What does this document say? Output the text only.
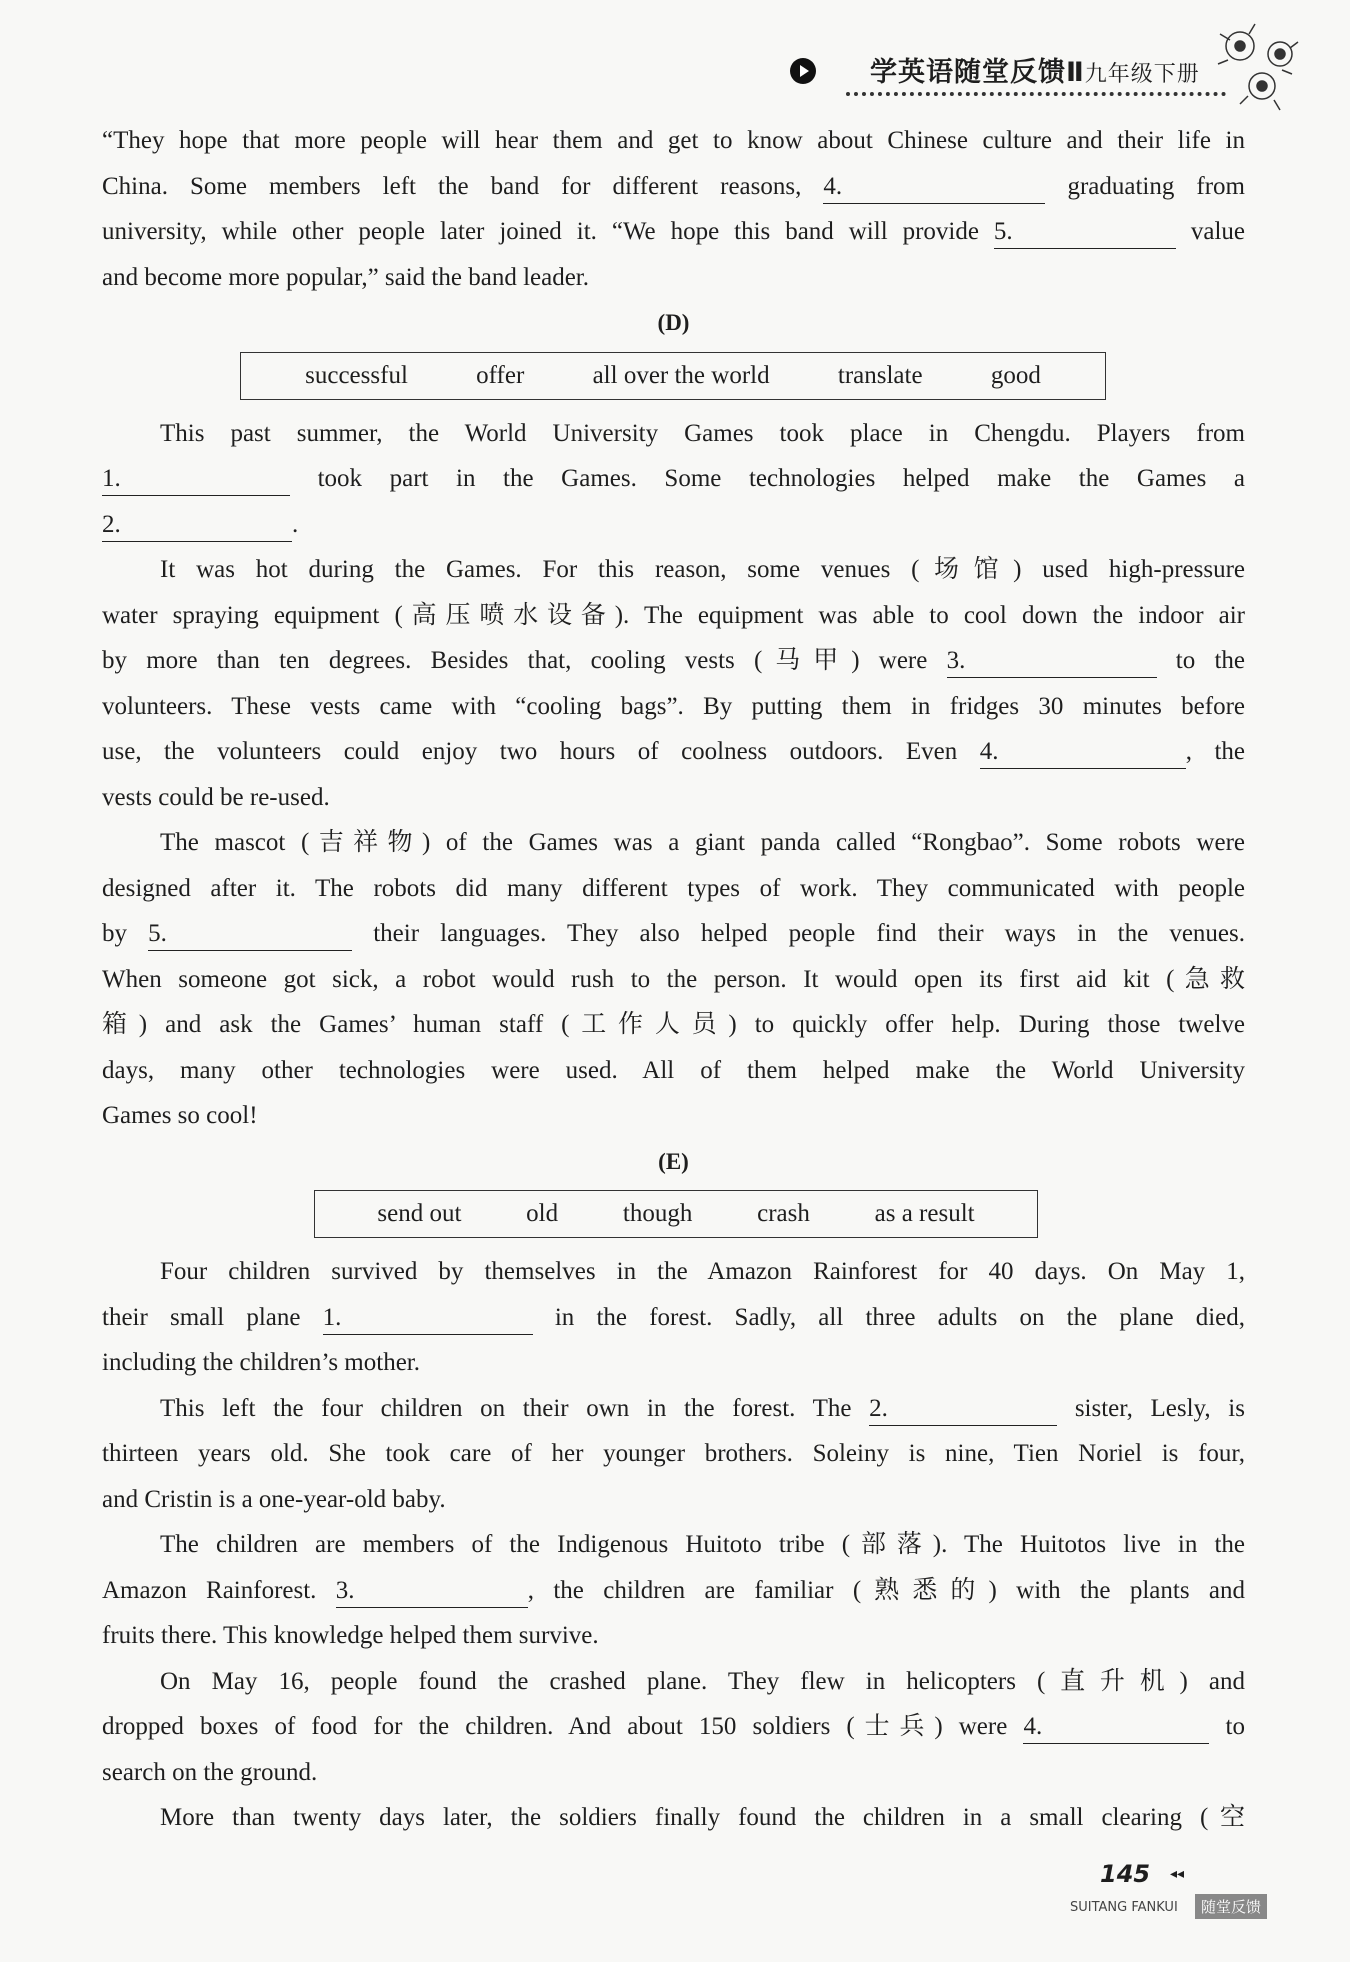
学英语随堂反馈Ⅱ九年级下册
“They hope that more people will hear them and get to know about Chinese culture and their life in
China. Some members left the band for different reasons, 4.	graduating from
university, while other people later joined it. “We hope this band will provide 5.	value
and become more popular,” said the band leader.
(D)
successful	offer	all over the world	translate	good
This past summer, the World University Games took place in Chengdu. Players from
1.	took part in the Games. Some technologies helped make the Games a
2.	.
It was hot during the Games. For this reason, some venues (场馆) used high-pressure
water spraying equipment (高压喷水设备). The equipment was able to cool down the indoor air
by more than ten degrees. Besides that, cooling vests (马甲) were 3.	to the
volunteers. These vests came with “cooling bags”. By putting them in fridges 30 minutes before
use, the volunteers could enjoy two hours of coolness outdoors. Even 4.	, the
vests could be re-used.
The mascot (吉祥物) of the Games was a giant panda called “Rongbao”. Some robots were
designed after it. The robots did many different types of work. They communicated with people
by 5.	their languages. They also helped people find their ways in the venues.
When someone got sick, a robot would rush to the person. It would open its first aid kit (急救
箱) and ask the Games’ human staff (工作人员) to quickly offer help. During those twelve
days, many other technologies were used. All of them helped make the World University
Games so cool!
(E)
send out	old	though	crash	as a result
Four children survived by themselves in the Amazon Rainforest for 40 days. On May 1,
their small plane 1.	in the forest. Sadly, all three adults on the plane died,
including the children’s mother.
This left the four children on their own in the forest. The 2.	sister, Lesly, is
thirteen years old. She took care of her younger brothers. Soleiny is nine, Tien Noriel is four,
and Cristin is a one-year-old baby.
The children are members of the Indigenous Huitoto tribe (部落). The Huitotos live in the
Amazon Rainforest. 3.	, the children are familiar (熟悉的) with the plants and
fruits there. This knowledge helped them survive.
On May 16, people found the crashed plane. They flew in helicopters (直升机) and
dropped boxes of food for the children. And about 150 soldiers (士兵) were 4.	to
search on the ground.
More than twenty days later, the soldiers finally found the children in a small clearing (空
145 ◂◂
SUITANG FANKUI	随堂反馈
